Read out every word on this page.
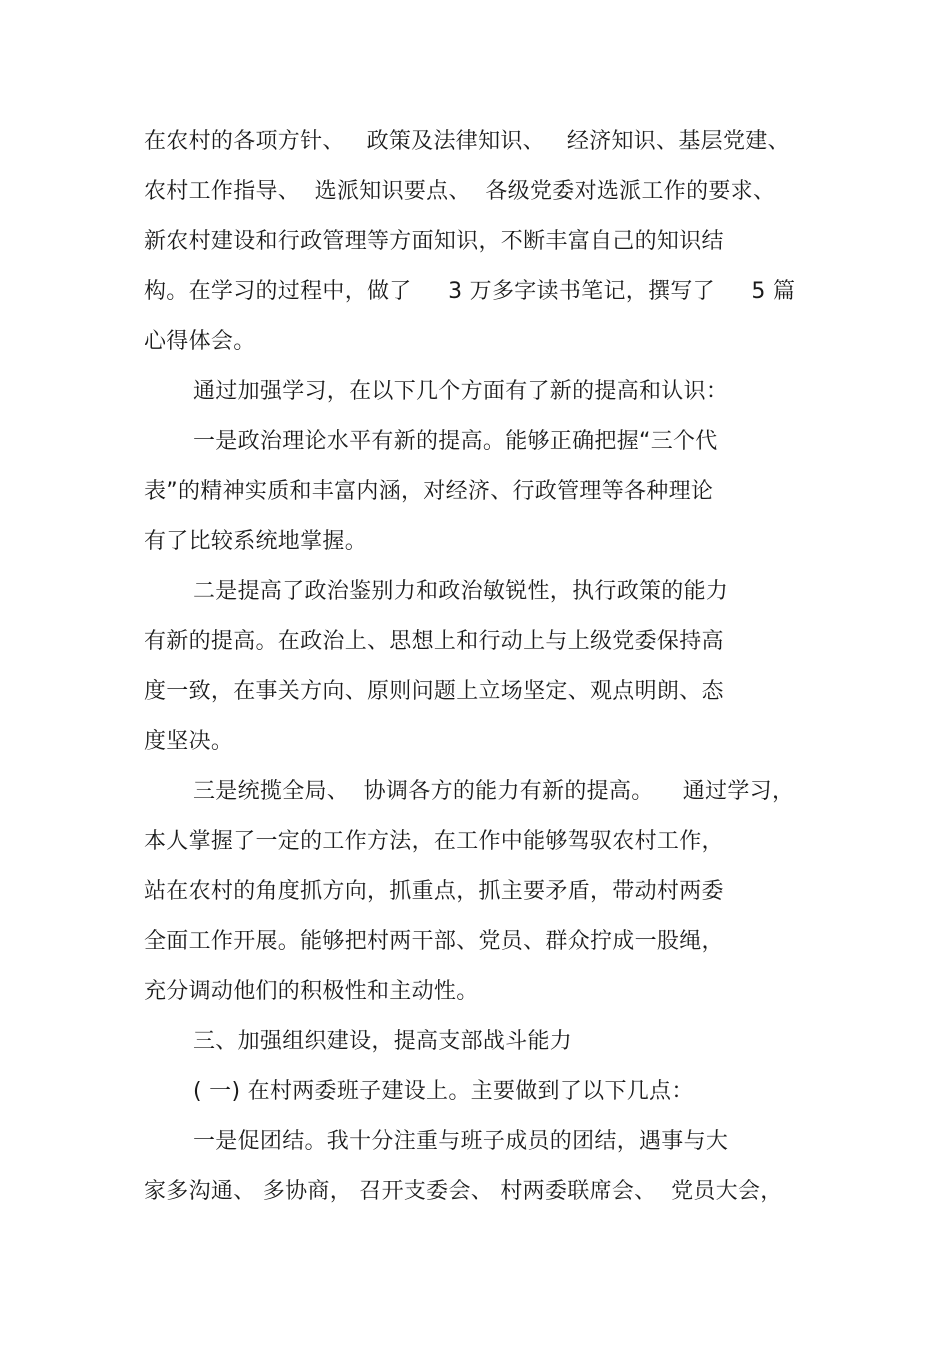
在农村的各项方针、   政策及法律知识、   经济知识、基层党建、
农村工作指导、  选派知识要点、  各级党委对选派工作的要求、
新农村建设和行政管理等方面知识，不断丰富自己的知识结
构。在学习的过程中，做了     3 万多字读书笔记，撰写了     5 篇
心得体会。
通过加强学习，在以下几个方面有了新的提高和认识：
一是政治理论水平有新的提高。能够正确把握“三个代
表”的精神实质和丰富内涵，对经济、行政管理等各种理论
有了比较系统地掌握。
二是提高了政治鉴别力和政治敏锐性，执行政策的能力
有新的提高。在政治上、思想上和行动上与上级党委保持高
度一致，在事关方向、原则问题上立场坚定、观点明朗、态
度坚决。
三是统揽全局、  协调各方的能力有新的提高。    通过学习，
本人掌握了一定的工作方法，在工作中能够驾驭农村工作，
站在农村的角度抓方向，抓重点，抓主要矛盾，带动村两委
全面工作开展。能够把村两干部、党员、群众拧成一股绳，
充分调动他们的积极性和主动性。
三、加强组织建设，提高支部战斗能力
( 一) 在村两委班子建设上。主要做到了以下几点：
一是促团结。我十分注重与班子成员的团结，遇事与大
家多沟通、 多协商， 召开支委会、 村两委联席会、  党员大会，
